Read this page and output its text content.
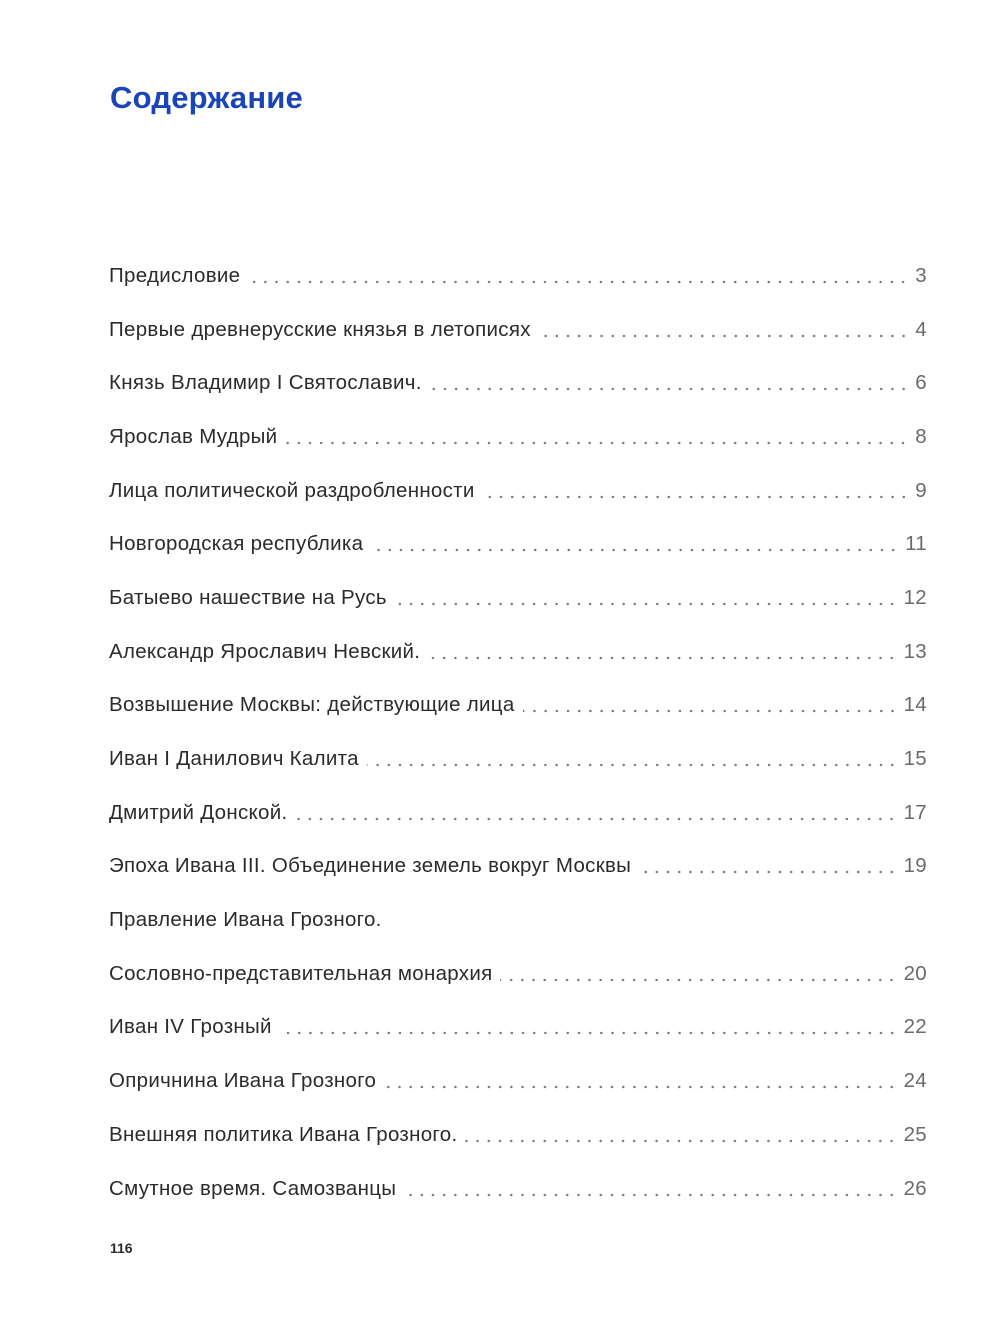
Содержание
Предисловие	3
Первые древнерусские князья в летописях	4
Князь Владимир I Святославич.	6
Ярослав Мудрый	8
Лица политической раздробленности	9
Новгородская республика	11
Батыево нашествие на Русь	12
Александр Ярославич Невский.	13
Возвышение Москвы: действующие лица	14
Иван I Данилович Калита	15
Дмитрий Донской.	17
Эпоха Ивана III. Объединение земель вокруг Москвы	19
Правление Ивана Грозного.
Сословно-представительная монархия	20
Иван IV Грозный	22
Опричнина Ивана Грозного	24
Внешняя политика Ивана Грозного.	25
Смутное время. Самозванцы	26

116
